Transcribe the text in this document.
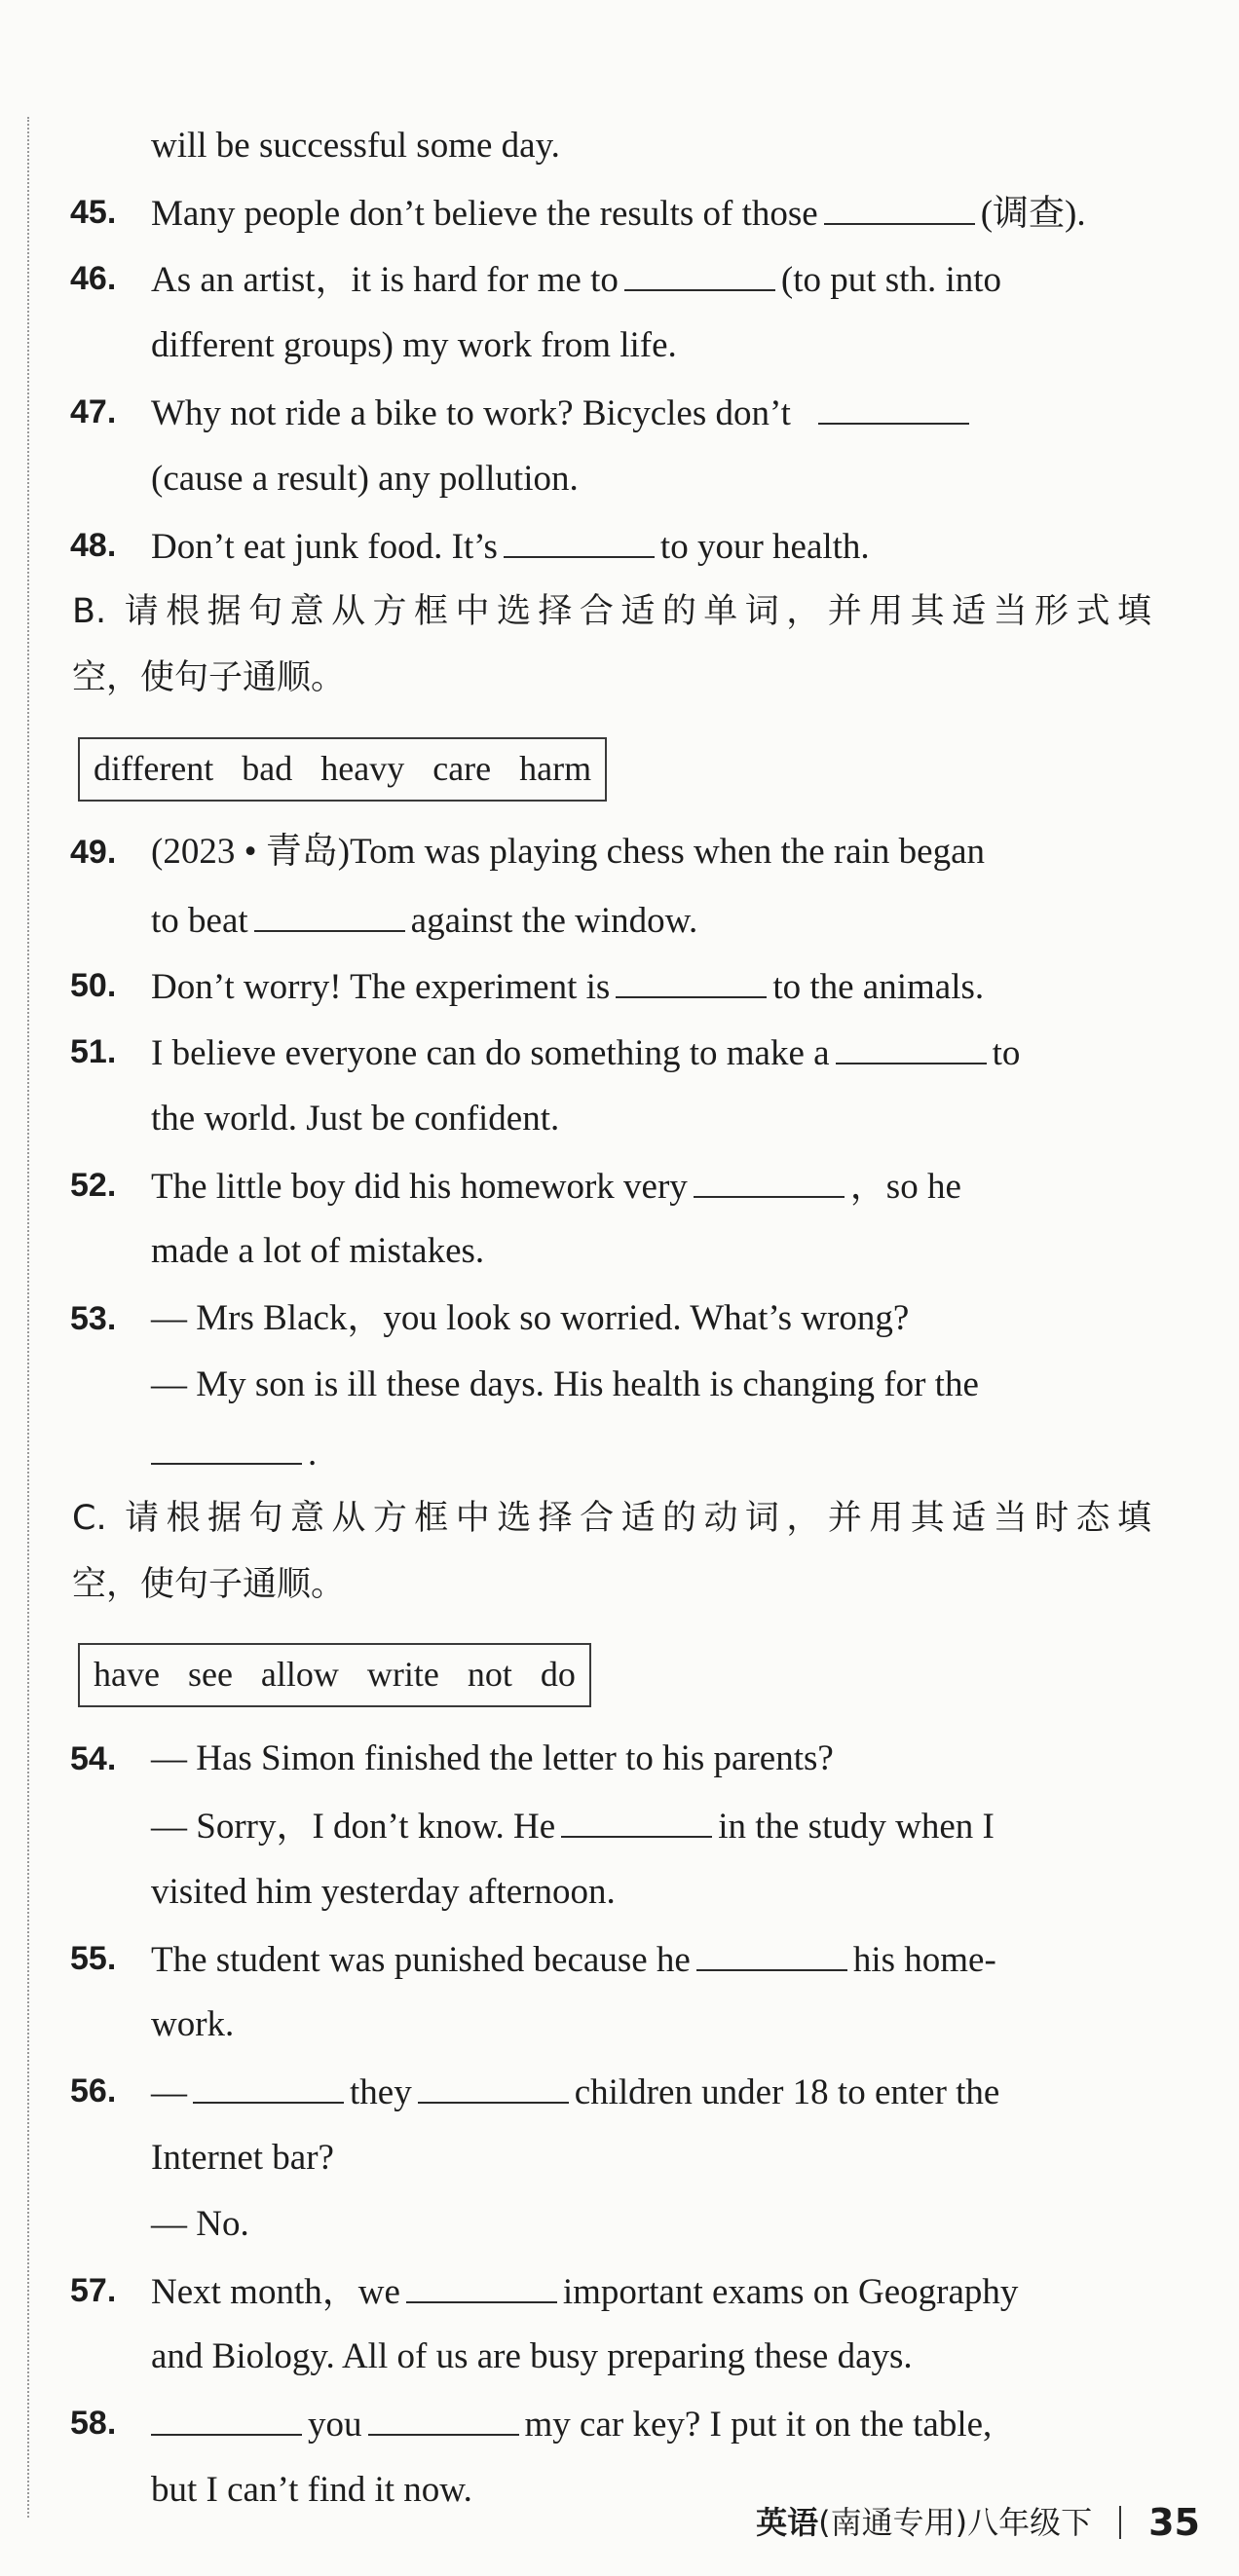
will be successful some day.
45. Many people don’t believe the results of those	(调查).
46. As an artist，it is hard for me to	(to put sth. into
different groups) my work from life.
47. Why not ride a bike to work? Bicycles don’t
(cause a result) any pollution.
48. Don’t eat junk food. It’s	to your health.
B. 请根据句意从方框中选择合适的单词，并用其适当形式填
空，使句子通顺。
different bad heavy care harm
49. (2023 • 青岛)Tom was playing chess when the rain began
to beat	against the window.
50. Don’t worry! The experiment is	to the animals.
51. I believe everyone can do something to make a	to
the world. Just be confident.
52. The little boy did his homework very	，so he
made a lot of mistakes.
53. — Mrs Black，you look so worried. What’s wrong?
— My son is ill these days. His health is changing for the
.
C. 请根据句意从方框中选择合适的动词，并用其适当时态填
空，使句子通顺。
have see allow write not do
54. — Has Simon finished the letter to his parents?
— Sorry，I don’t know. He	in the study when I
visited him yesterday afternoon.
55. The student was punished because he	his home-
work.
56. —	they	children under 18 to enter the
Internet bar?
— No.
57. Next month，we	important exams on Geography
and Biology. All of us are busy preparing these days.
58.	you	my car key? I put it on the table,
but I can’t find it now.
英语 (南通专用)八年级下 35
